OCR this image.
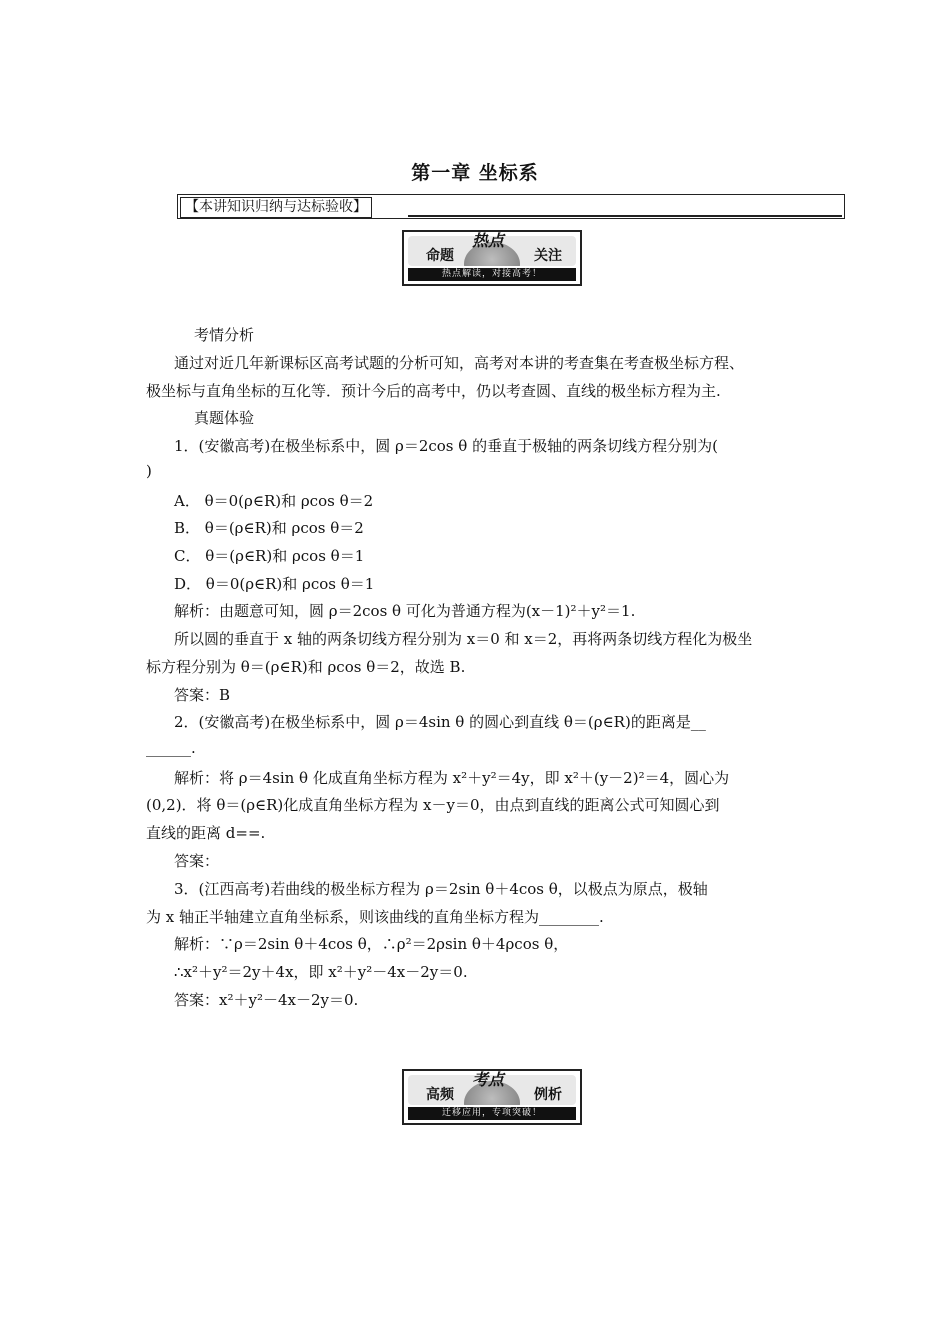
第一章 坐标系
【本讲知识归纳与达标验收】
命题	关注
热点
热点解读，对接高考！
考情分析
通过对近几年新课标区高考试题的分析可知，高考对本讲的考查集在考查极坐标方程、
极坐标与直角坐标的互化等．预计今后的高考中，仍以考查圆、直线的极坐标方程为主.
真题体验
1．(安徽高考)在极坐标系中，圆 ρ＝2cos θ 的垂直于极轴的两条切线方程分别为(
)
A． θ＝0(ρ∈R)和 ρcos θ＝2
B． θ＝(ρ∈R)和 ρcos θ＝2
C． θ＝(ρ∈R)和 ρcos θ＝1
D． θ＝0(ρ∈R)和 ρcos θ＝1
解析：由题意可知，圆 ρ＝2cos θ 可化为普通方程为(x－1)²＋y²＝1.
所以圆的垂直于 x 轴的两条切线方程分别为 x＝0 和 x＝2，再将两条切线方程化为极坐
标方程分别为 θ＝(ρ∈R)和 ρcos θ＝2，故选 B.
答案：B
2．(安徽高考)在极坐标系中，圆 ρ＝4sin θ 的圆心到直线 θ＝(ρ∈R)的距离是__
______.
解析：将 ρ＝4sin θ 化成直角坐标方程为 x²＋y²＝4y，即 x²＋(y－2)²＝4，圆心为
(0,2)．将 θ＝(ρ∈R)化成直角坐标方程为 x－y＝0，由点到直线的距离公式可知圆心到
直线的距离 d==.
答案：
3．(江西高考)若曲线的极坐标方程为 ρ＝2sin θ＋4cos θ，以极点为原点，极轴
为 x 轴正半轴建立直角坐标系，则该曲线的直角坐标方程为________.
解析：∵ρ＝2sin θ＋4cos θ，∴ρ²＝2ρsin θ＋4ρcos θ，
∴x²＋y²＝2y＋4x，即 x²＋y²－4x－2y＝0.
答案：x²＋y²－4x－2y＝0.
高频	例析
考点
迁移应用，专项突破！
